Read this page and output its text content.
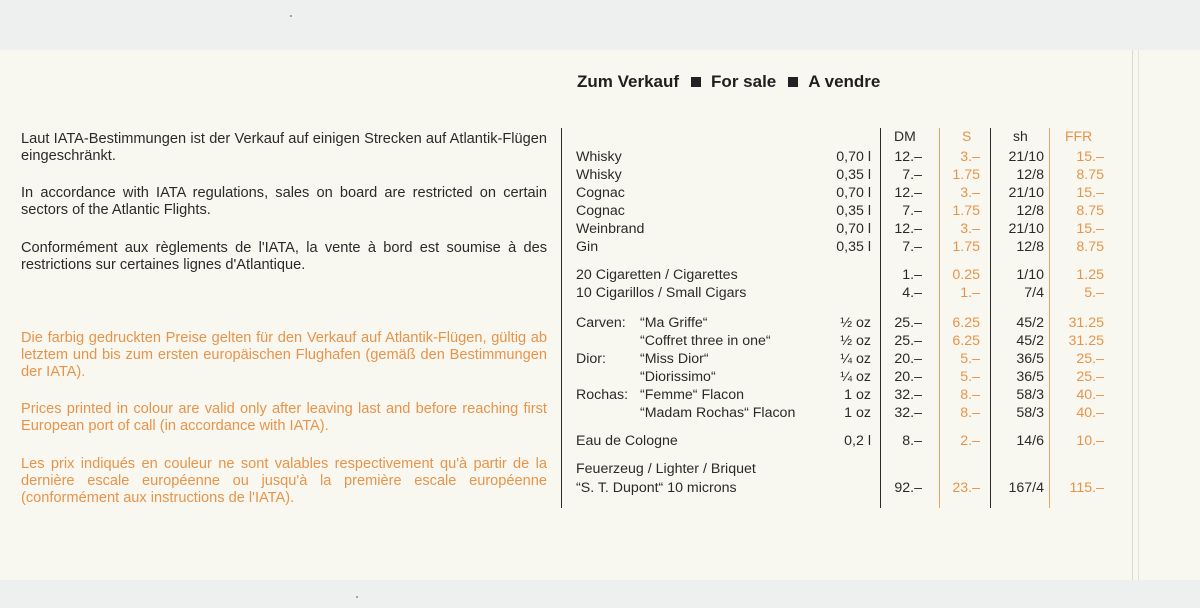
Zum Verkauf For sale A vendre
Laut IATA-Bestimmungen ist der Verkauf auf einigen Strecken auf Atlantik-Flügen eingeschränkt.
In accordance with IATA regulations, sales on board are restricted on certain sectors of the Atlantic Flights.
Conformément aux règlements de l'IATA, la vente à bord est soumise à des restrictions sur certaines lignes d'Atlantique.
Die farbig gedruckten Preise gelten für den Verkauf auf Atlantik-Flügen, gültig ab letztem und bis zum ersten europäischen Flughafen (gemäß den Bestimmungen der IATA).
Prices printed in colour are valid only after leaving last and before reaching first European port of call (in accordance with IATA).
Les prix indiqués en couleur ne sont valables respectivement qu'à partir de la dernière escale européenne ou jusqu'à la première escale européenne (conformément aux instructions de l'IATA).
DM	S	sh	FFR
Whisky	0,70 l 12.–	3.– 21/10 15.–
Whisky	0,35 l 7.– 1.75	12/8 8.75
Cognac	0,70 l 12.–	3.– 21/10 15.–
Cognac	0,35 l 7.– 1.75	12/8 8.75
Weinbrand	0,70 l 12.–	3.– 21/10 15.–
Gin	0,35 l 7.– 1.75	12/8 8.75
20 Cigaretten / Cigarettes	1.– 0.25	1/10 1.25
10 Cigarillos / Small Cigars	4.–	1.–	7/4	5.–
Carven: “Ma Griffe“	½ oz 25.– 6.25	45/2 31.25
“Coffret three in one“	½ oz 25.– 6.25	45/2 31.25
Dior: “Miss Dior“	¼ oz 20.–	5.–	36/5 25.–
“Diorissimo“	¼ oz 20.–	5.–	36/5 25.–
Rochas: “Femme“ Flacon	1 oz 32.–	8.–	58/3 40.–
“Madam Rochas“ Flacon	1 oz 32.–	8.–	58/3 40.–
Eau de Cologne	0,2 l 8.–	2.–	14/6 10.–
Feuerzeug / Lighter / Briquet
“S. T. Dupont“ 10 microns	92.– 23.– 167/4 115.–
